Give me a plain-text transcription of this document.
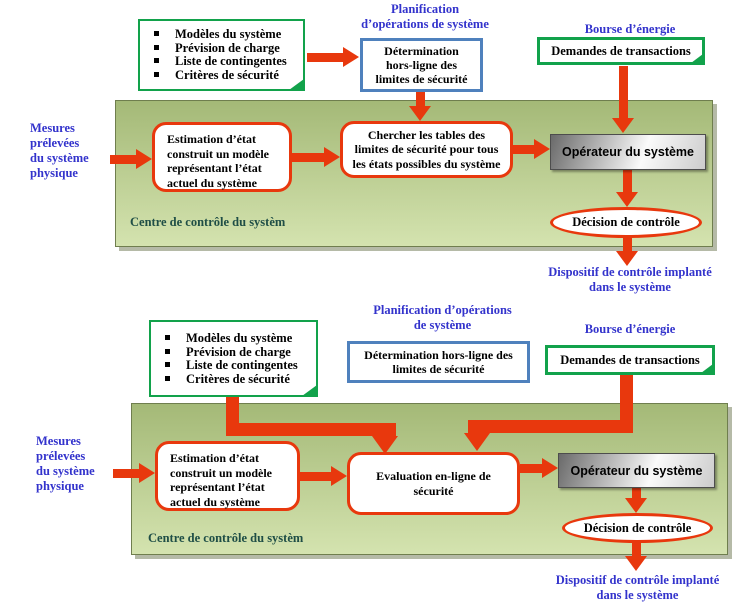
Centre de contrôle du systèm
Modèles du système
Prévision de charge
Liste de contingentes
Critères de sécurité
Planification
d’opérations de système
Détermination
hors-ligne des
limites de sécurité
Bourse d’énergie
Demandes de transactions
Mesures
prélevées
du système
physique
Estimation d’état
construit un modèle
représentant l’état
actuel du système
Chercher les tables des
limites de sécurité pour tous
les états possibles du système
Opérateur du système
Décision de contrôle
Dispositif de contrôle implanté
dans le système
Centre de contrôle du systèm
Modèles du système
Prévision de charge
Liste de contingentes
Critères de sécurité
Planification d’opérations
de système
Détermination hors-ligne des
limites de sécurité
Bourse d’énergie
Demandes de transactions
Mesures
prélevées
du système
physique
Estimation d’état
construit un modèle
représentant l’état
actuel du système
Evaluation en-ligne de
sécurité
Opérateur du système
Décision de contrôle
Dispositif de contrôle implanté
dans le système
